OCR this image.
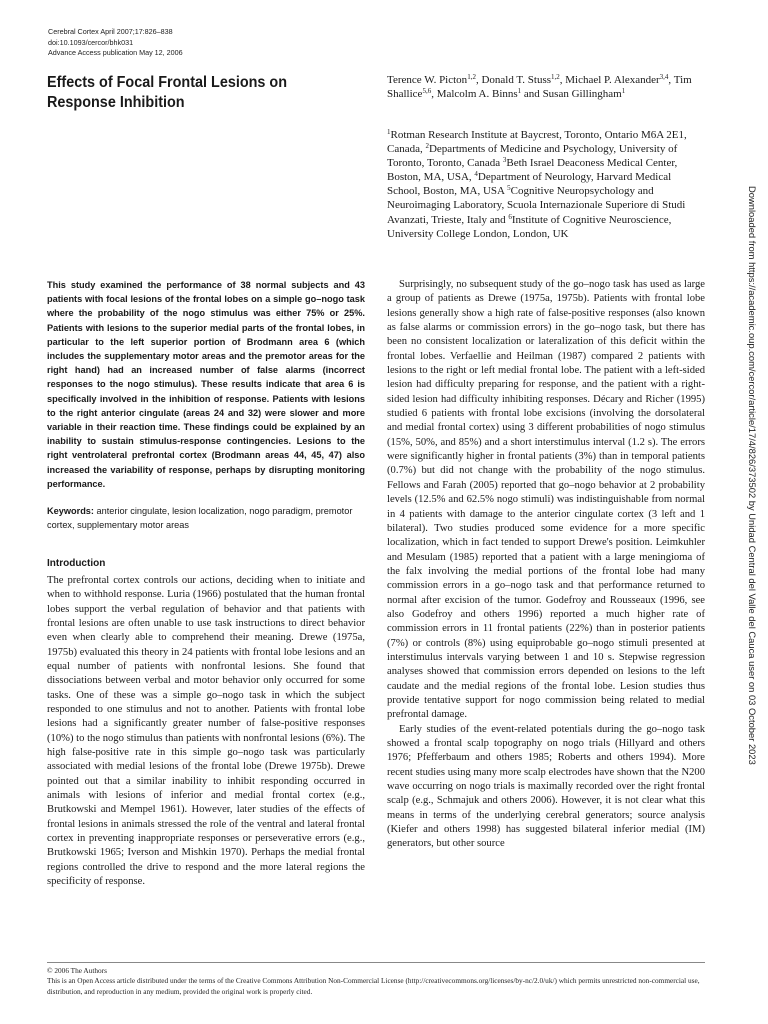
Cerebral Cortex April 2007;17:826–838
doi:10.1093/cercor/bhk031
Advance Access publication May 12, 2006
Effects of Focal Frontal Lesions on Response Inhibition
Terence W. Picton$^{1,2}$, Donald T. Stuss$^{1,2}$, Michael P. Alexander$^{3,4}$, Tim Shallice$^{5,6}$, Malcolm A. Binns$^1$ and Susan Gillingham$^1$
$^1$Rotman Research Institute at Baycrest, Toronto, Ontario M6A 2E1, Canada, $^2$Departments of Medicine and Psychology, University of Toronto, Toronto, Canada $^3$Beth Israel Deaconess Medical Center, Boston, MA, USA, $^4$Department of Neurology, Harvard Medical School, Boston, MA, USA $^5$Cognitive Neuropsychology and Neuroimaging Laboratory, Scuola Internazionale Superiore di Studi Avanzati, Trieste, Italy and $^6$Institute of Cognitive Neuroscience, University College London, London, UK

This study examined the performance of 38 normal subjects and 43 patients with focal lesions of the frontal lobes on a simple go–nogo task where the probability of the nogo stimulus was either 75% or 25%. Patients with lesions to the superior medial parts of the frontal lobes, in particular to the left superior portion of Brodmann area 6 (which includes the supplementary motor areas and the premotor areas for the right hand) had an increased number of false alarms (incorrect responses to the nogo stimulus). These results indicate that area 6 is specifically involved in the inhibition of response. Patients with lesions to the right anterior cingulate (areas 24 and 32) were slower and more variable in their reaction time. These findings could be explained by an inability to sustain stimulus-response contingencies. Lesions to the right ventrolateral prefrontal cortex (Brodmann areas 44, 45, 47) also increased the variability of response, perhaps by disrupting monitoring performance.

Keywords: anterior cingulate, lesion localization, nogo paradigm, premotor cortex, supplementary motor areas

Introduction

The prefrontal cortex controls our actions, deciding when to initiate and when to withhold response. Luria (1966) postulated that the human frontal lobes support the verbal regulation of behavior and that patients with frontal lesions are often unable to use task instructions to direct behavior even when clearly able to comprehend their meaning. Drewe (1975a, 1975b) evaluated this theory in 24 patients with frontal lobe lesions and an equal number of patients with nonfrontal lesions. She found that dissociations between verbal and motor behavior only occurred for some tasks. One of these was a simple go–nogo task in which the subject responded to one stimulus and not to another. Patients with frontal lobe lesions had a significantly greater number of false-positive responses (10%) to the nogo stimulus than patients with nonfrontal lesions (6%). The high false-positive rate in this simple go–nogo task was particularly associated with medial lesions of the frontal lobe (Drewe 1975b). Drewe pointed out that a similar inability to inhibit responding occurred in animals with lesions of inferior and medial frontal cortex (e.g., Brutkowski and Mempel 1961). However, later studies of the effects of frontal lesions in animals stressed the role of the ventral and lateral frontal cortex in preventing inappropriate responses or perseverative errors (e.g., Brutkowski 1965; Iverson and Mishkin 1970). Perhaps the medial frontal regions controlled the drive to respond and the more lateral regions the specificity of response.

Surprisingly, no subsequent study of the go–nogo task has used as large a group of patients as Drewe (1975a, 1975b). Patients with frontal lobe lesions generally show a high rate of false-positive responses (also known as false alarms or commission errors) in the go–nogo task, but there has been no consistent localization or lateralization of this deficit within the frontal lobes. Verfaellie and Heilman (1987) compared 2 patients with lesions to the right or left medial frontal lobe. The patient with a left-sided lesion had difficulty preparing for response, and the patient with a right-sided lesion had difficulty inhibiting responses. Décary and Richer (1995) studied 6 patients with frontal lobe excisions (involving the dorsolateral and medial frontal cortex) using 3 different probabilities of nogo stimulus (15%, 50%, and 85%) and a short interstimulus interval (1.2 s). The errors were significantly higher in frontal patients (3%) than in temporal patients (0.7%) but did not change with the probability of the nogo stimulus. Fellows and Farah (2005) reported that go–nogo behavior at 2 probability levels (12.5% and 62.5% nogo stimuli) was indistinguishable from normal in 4 patients with damage to the anterior cingulate cortex (3 left and 1 bilateral). Two studies produced some evidence for a more specific localization, which in fact tended to support Drewe's position. Leimkuhler and Mesulam (1985) reported that a patient with a large meningioma of the falx involving the medial portions of the frontal lobe had many commission errors in a go–nogo task and that performance returned to normal after excision of the tumor. Godefroy and Rousseaux (1996, see also Godefroy and others 1996) reported a much higher rate of commission errors in 11 frontal patients (22%) than in posterior patients (7%) or controls (8%) using equiprobable go–nogo stimuli presented at interstimulus intervals varying between 1 and 10 s. Stepwise regression analyses showed that commission errors depended on lesions to the left caudate and the medial regions of the frontal lobe. Lesion studies thus provide tentative support for nogo commission being related to medial prefrontal damage.

Early studies of the event-related potentials during the go–nogo task showed a frontal scalp topography on nogo trials (Hillyard and others 1976; Pfefferbaum and others 1985; Roberts and others 1994). More recent studies using many more scalp electrodes have shown that the N200 wave occurring on nogo trials is maximally recorded over the right frontal scalp (e.g., Schmajuk and others 2006). However, it is not clear what this means in terms of the underlying cerebral generators; source analysis (Kiefer and others 1998) has suggested bilateral inferior medial (IM) generators, but other source

© 2006 The Authors
This is an Open Access article distributed under the terms of the Creative Commons Attribution Non-Commercial License (http://creativecommons.org/licenses/by-nc/2.0/uk/) which permits unrestricted non-commercial use, distribution, and reproduction in any medium, provided the original work is properly cited.
Downloaded from https://academic.oup.com/cercor/article/17/4/826/373502 by Unidad Central del Valle del Cauca user on 03 October 2023
